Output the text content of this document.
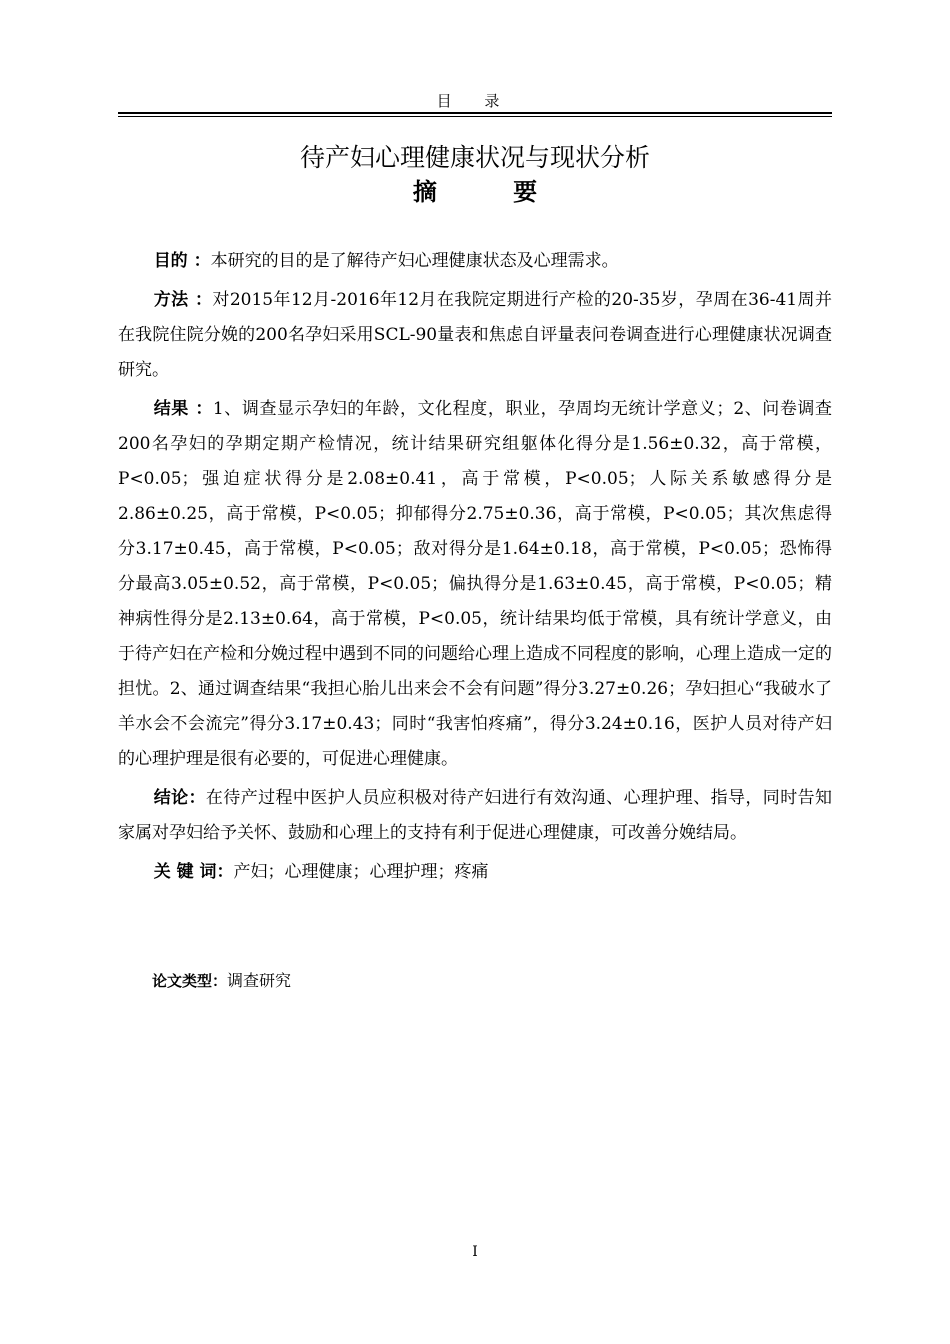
目 录
待产妇心理健康状况与现状分析
摘 要

目的 ：本研究的目的是了解待产妇心理健康状态及心理需求。

方法 ：对2015年12月-2016年12月在我院定期进行产检的20-35岁，孕周在36-41周并在我院住院分娩的200名孕妇采用SCL-90量表和焦虑自评量表问卷调查进行心理健康状况调查研究。

结果 ：1、调查显示孕妇的年龄，文化程度，职业，孕周均无统计学意义；2、问卷调查200名孕妇的孕期定期产检情况，统计结果研究组躯体化得分是1.56±0.32，高于常模，P<0.05；强迫症状得分是2.08±0.41，高于常模，P<0.05；人际关系敏感得分是2.86±0.25，高于常模，P<0.05；抑郁得分2.75±0.36，高于常模，P<0.05；其次焦虑得分3.17±0.45，高于常模，P<0.05；敌对得分是1.64±0.18，高于常模，P<0.05；恐怖得分最高3.05±0.52，高于常模，P<0.05；偏执得分是1.63±0.45，高于常模，P<0.05；精神病性得分是2.13±0.64，高于常模，P<0.05，统计结果均低于常模，具有统计学意义，由于待产妇在产检和分娩过程中遇到不同的问题给心理上造成不同程度的影响，心理上造成一定的担忧。2、通过调查结果“我担心胎儿出来会不会有问题”得分3.27±0.26；孕妇担心“我破水了羊水会不会流完”得分3.17±0.43；同时“我害怕疼痛”，得分3.24±0.16，医护人员对待产妇的心理护理是很有必要的，可促进心理健康。

结论：在待产过程中医护人员应积极对待产妇进行有效沟通、心理护理、指导，同时告知家属对孕妇给予关怀、鼓励和心理上的支持有利于促进心理健康，可改善分娩结局。

关 键 词：产妇；心理健康；心理护理；疼痛

论文类型：调查研究
I
